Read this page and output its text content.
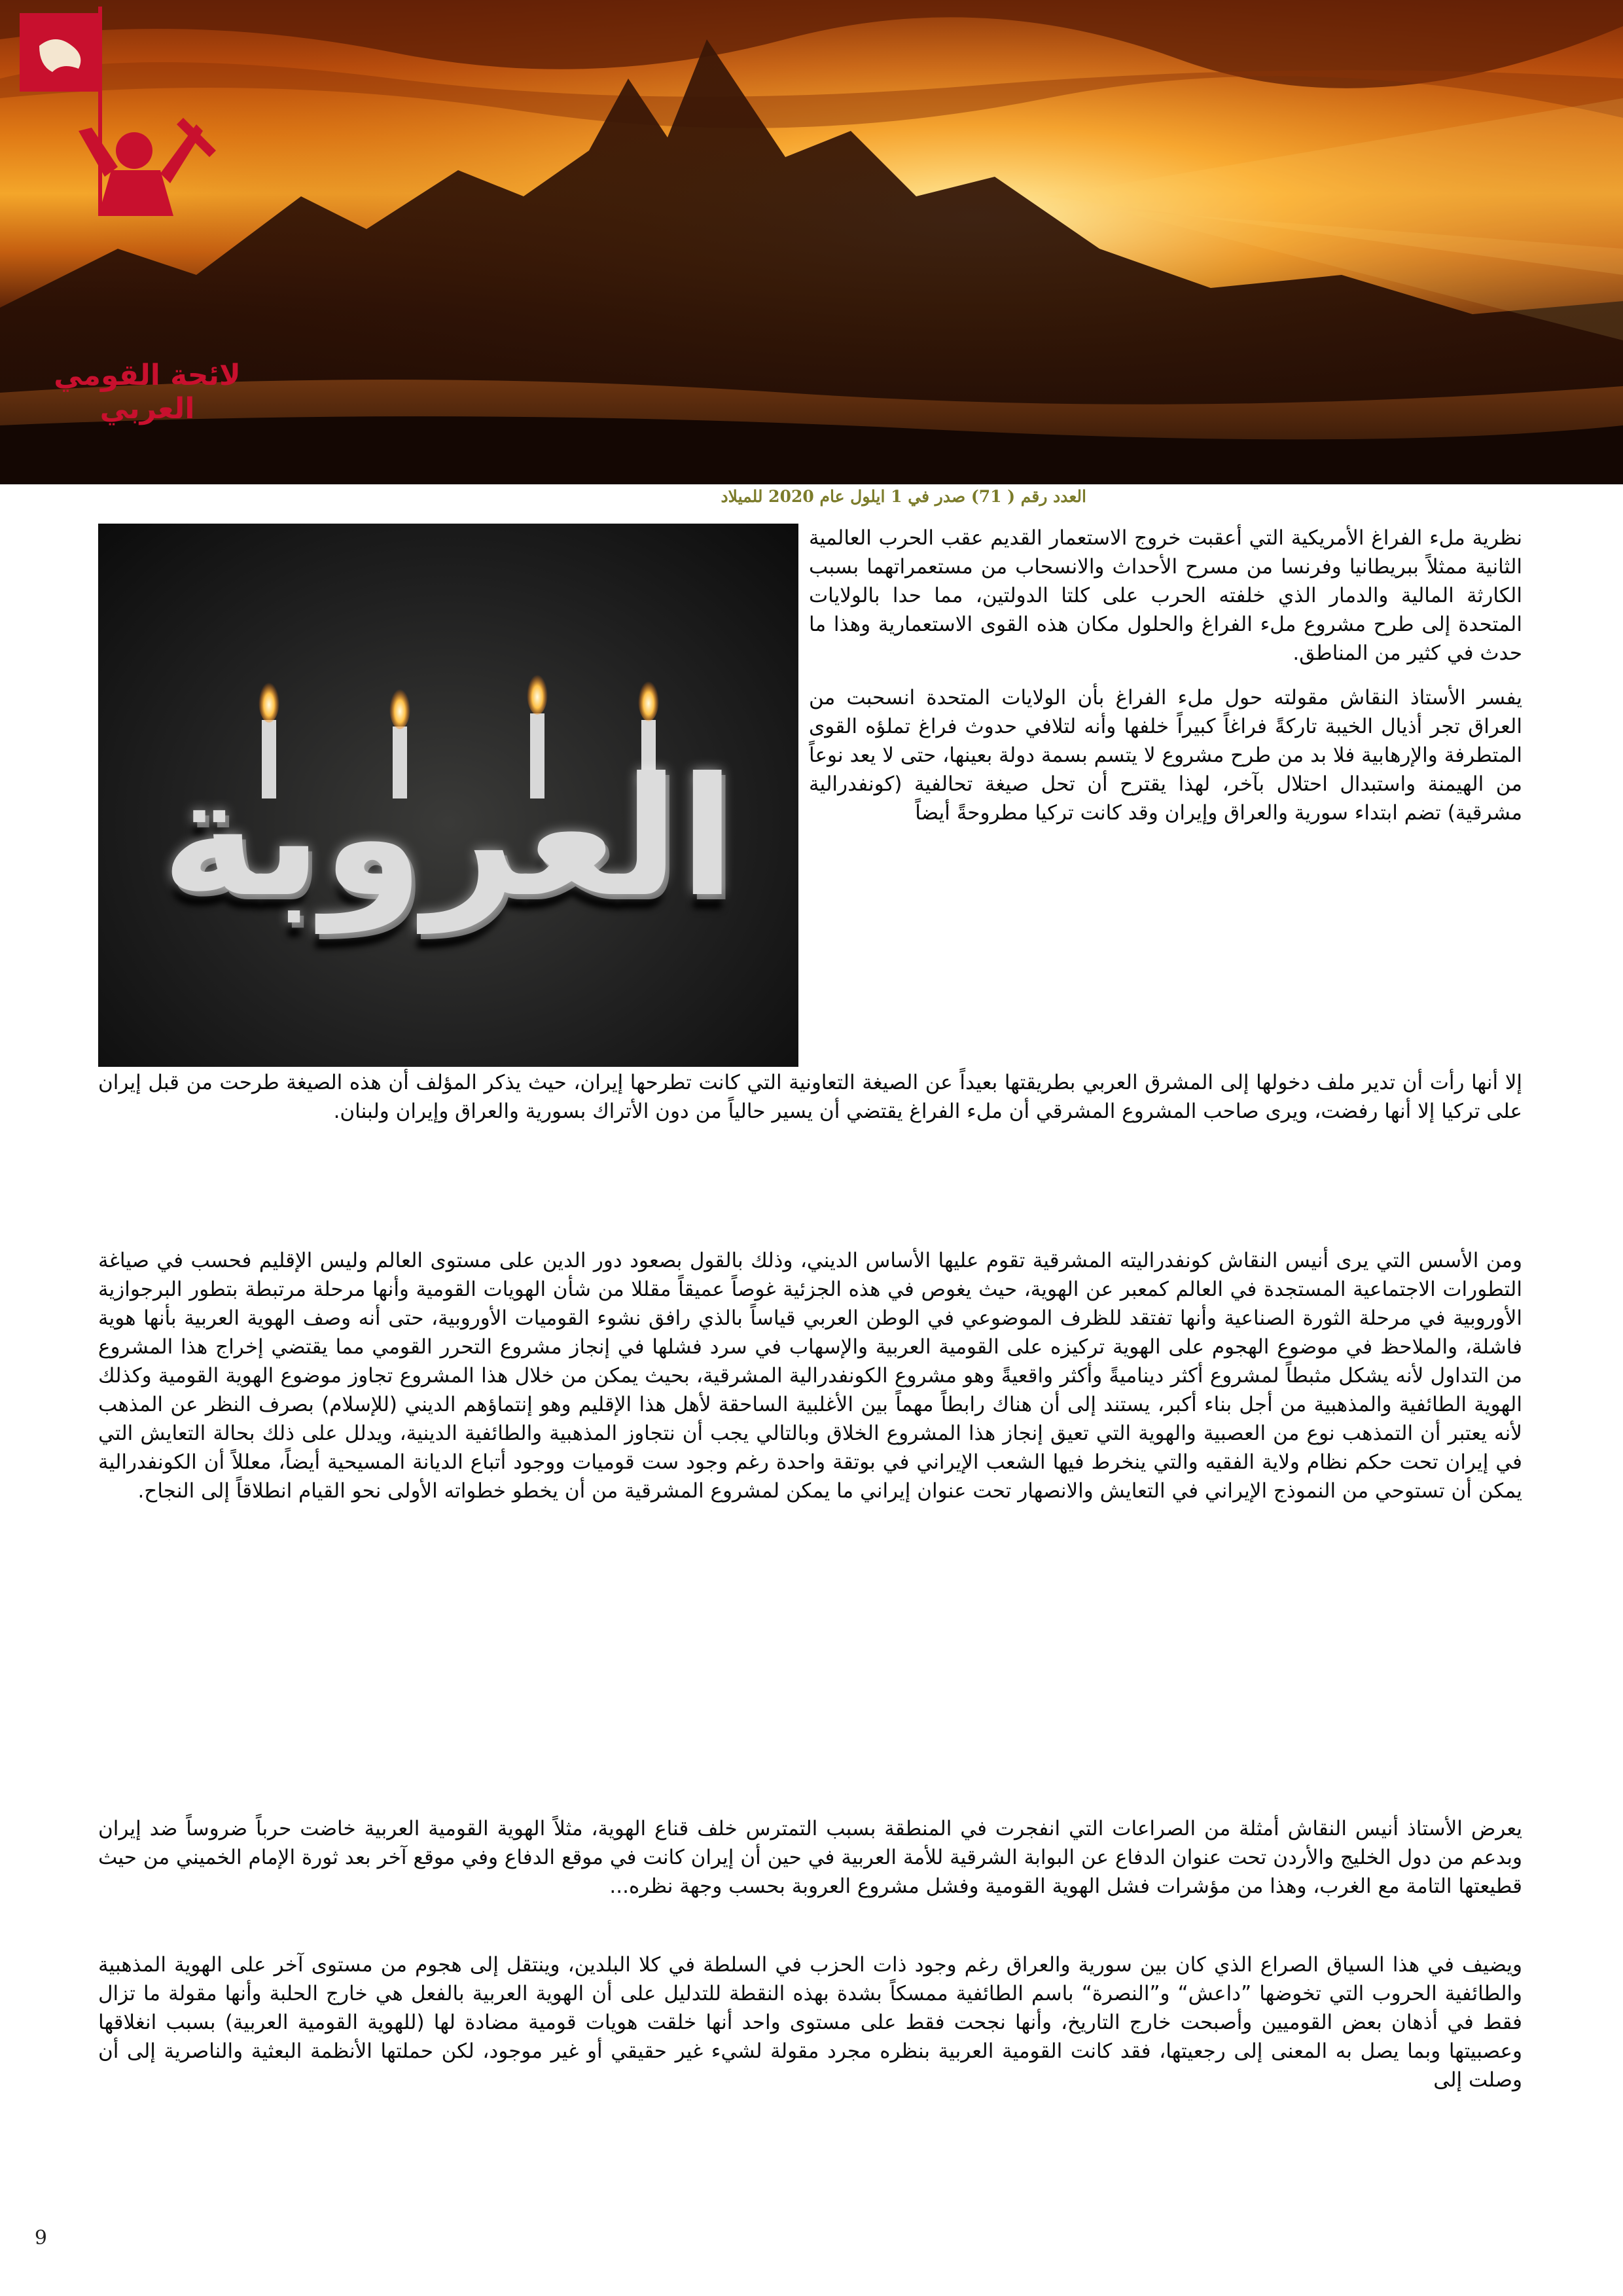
لائحة القومي العربي
العدد رقم ( 71) صدر في 1 ايلول عام 2020 للميلاد
العروبة

نظرية ملء الفراغ الأمريكية التي أعقبت خروج الاستعمار القديم عقب الحرب العالمية الثانية ممثلاً ببريطانيا وفرنسا من مسرح الأحداث والانسحاب من مستعمراتهما بسبب الكارثة المالية والدمار الذي خلفته الحرب على كلتا الدولتين، مما حدا بالولايات المتحدة إلى طرح مشروع ملء الفراغ والحلول مكان هذه القوى الاستعمارية وهذا ما حدث في كثير من المناطق.

يفسر الأستاذ النقاش مقولته حول ملء الفراغ بأن الولايات المتحدة انسحبت من العراق تجر أذيال الخيبة تاركةً فراغاً كبيراً خلفها وأنه لتلافي حدوث فراغ تملؤه القوى المتطرفة والإرهابية فلا بد من طرح مشروع لا يتسم بسمة دولة بعينها، حتى لا يعد نوعاً من الهيمنة واستبدال احتلال بآخر، لهذا يقترح أن تحل صيغة تحالفية (كونفدرالية مشرقية) تضم ابتداء سورية والعراق وإيران وقد كانت تركيا مطروحةً أيضاً

إلا أنها رأت أن تدير ملف دخولها إلى المشرق العربي بطريقتها بعيداً عن الصيغة التعاونية التي كانت تطرحها إيران، حيث يذكر المؤلف أن هذه الصيغة طرحت من قبل إيران على تركيا إلا أنها رفضت، ويرى صاحب المشروع المشرقي أن ملء الفراغ يقتضي أن يسير حالياً من دون الأتراك بسورية والعراق وإيران ولبنان.

ومن الأسس التي يرى أنيس النقاش كونفدراليته المشرقية تقوم عليها الأساس الديني، وذلك بالقول بصعود دور الدين على مستوى العالم وليس الإقليم فحسب في صياغة التطورات الاجتماعية المستجدة في العالم كمعبر عن الهوية، حيث يغوص في هذه الجزئية غوصاً عميقاً مقللا من شأن الهويات القومية وأنها مرحلة مرتبطة بتطور البرجوازية الأوروبية في مرحلة الثورة الصناعية وأنها تفتقد للظرف الموضوعي في الوطن العربي قياساً بالذي رافق نشوء القوميات الأوروبية، حتى أنه وصف الهوية العربية بأنها هوية فاشلة، والملاحظ في موضوع الهجوم على الهوية تركيزه على القومية العربية والإسهاب في سرد فشلها في إنجاز مشروع التحرر القومي مما يقتضي إخراج هذا المشروع من التداول لأنه يشكل مثبطاً لمشروع أكثر ديناميةً وأكثر واقعيةً وهو مشروع الكونفدرالية المشرقية، بحيث يمكن من خلال هذا المشروع تجاوز موضوع الهوية القومية وكذلك الهوية الطائفية والمذهبية من أجل بناء أكبر، يستند إلى أن هناك رابطاً مهماً بين الأغلبية الساحقة لأهل هذا الإقليم وهو إنتماؤهم الديني (للإسلام) بصرف النظر عن المذهب لأنه يعتبر أن التمذهب نوع من العصبية والهوية التي تعيق إنجاز هذا المشروع الخلاق وبالتالي يجب أن نتجاوز المذهبية والطائفية الدينية، ويدلل على ذلك بحالة التعايش التي في إيران تحت حكم نظام ولاية الفقيه والتي ينخرط فيها الشعب الإيراني في بوتقة واحدة رغم وجود ست قوميات ووجود أتباع الديانة المسيحية أيضاً، معللاً أن الكونفدرالية يمكن أن تستوحي من النموذج الإيراني في التعايش والانصهار تحت عنوان إيراني ما يمكن لمشروع المشرقية من أن يخطو خطواته الأولى نحو القيام انطلاقاً إلى النجاح.

يعرض الأستاذ أنيس النقاش أمثلة من الصراعات التي انفجرت في المنطقة بسبب التمترس خلف قناع الهوية، مثلاً الهوية القومية العربية خاضت حرباً ضروساً ضد إيران وبدعم من دول الخليج والأردن تحت عنوان الدفاع عن البوابة الشرقية للأمة العربية في حين أن إيران كانت في موقع الدفاع وفي موقع آخر بعد ثورة الإمام الخميني من حيث قطيعتها التامة مع الغرب، وهذا من مؤشرات فشل الهوية القومية وفشل مشروع العروبة بحسب وجهة نظره...

ويضيف في هذا السياق الصراع الذي كان بين سورية والعراق رغم وجود ذات الحزب في السلطة في كلا البلدين، وينتقل إلى هجوم من مستوى آخر على الهوية المذهبية والطائفية الحروب التي تخوضها ”داعش“ و”النصرة“ باسم الطائفية ممسكاً بشدة بهذه النقطة للتدليل على أن الهوية العربية بالفعل هي خارج الحلبة وأنها مقولة ما تزال فقط في أذهان بعض القوميين وأصبحت خارج التاريخ، وأنها نجحت فقط على مستوى واحد أنها خلقت هويات قومية مضادة لها (للهوية القومية العربية) بسبب انغلاقها وعصبيتها وبما يصل به المعنى إلى رجعيتها، فقد كانت القومية العربية بنظره مجرد مقولة لشيء غير حقيقي أو غير موجود، لكن حملتها الأنظمة البعثية والناصرية إلى أن وصلت إلى

9
